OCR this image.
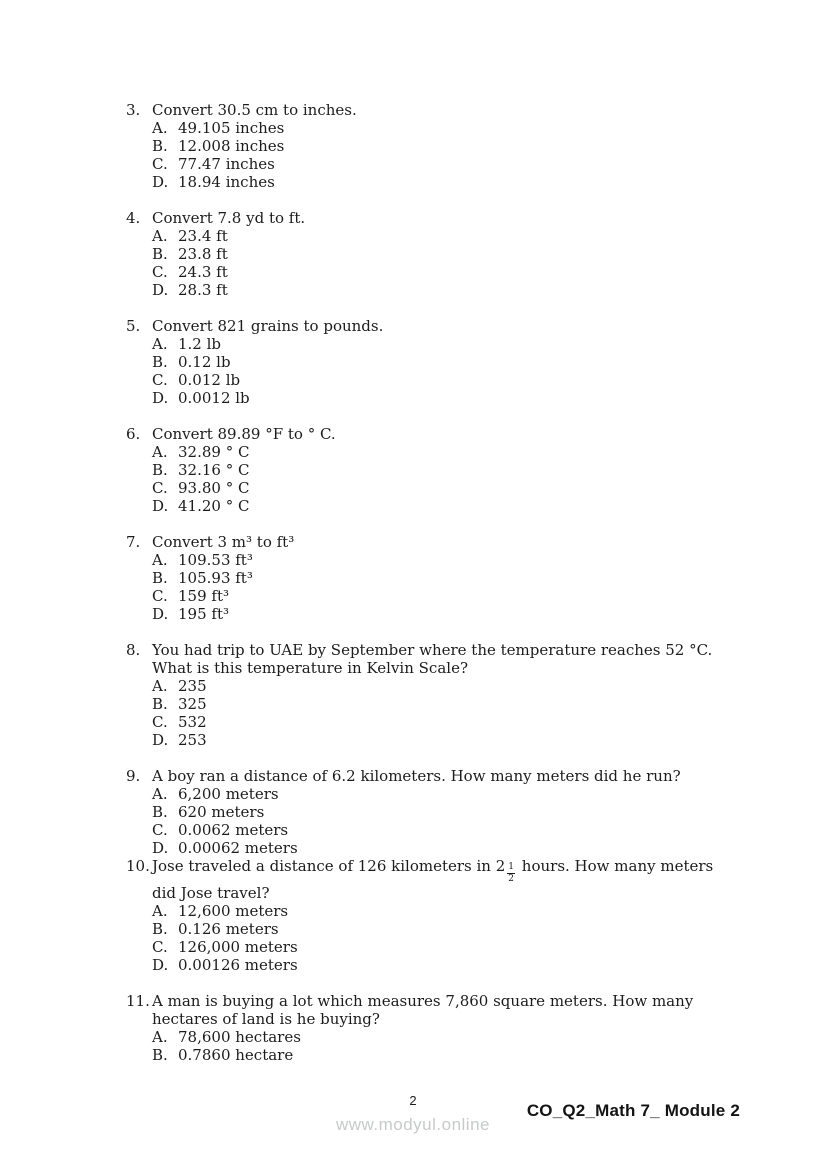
3. Convert 30.5 cm to inches.
A. 49.105 inches
B. 12.008 inches
C. 77.47 inches
D. 18.94 inches
4. Convert 7.8 yd to ft.
A. 23.4 ft
B. 23.8 ft
C. 24.3 ft
D. 28.3 ft
5. Convert 821 grains to pounds.
A. 1.2 lb
B. 0.12 lb
C. 0.012 lb
D. 0.0012 lb
6. Convert 89.89 °F to ° C.
A. 32.89 ° C
B. 32.16 ° C
C. 93.80 ° C
D. 41.20 ° C
7. Convert 3 m³ to ft³
A. 109.53 ft³
B. 105.93 ft³
C. 159 ft³
D. 195 ft³
8. You had trip to UAE by September where the temperature reaches 52 °C.
What is this temperature in Kelvin Scale?
A. 235
B. 325
C. 532
D. 253
9. A boy ran a distance of 6.2 kilometers. How many meters did he run?
A. 6,200 meters
B. 620 meters
C. 0.0062 meters
D. 0.00062 meters
10. Jose traveled a distance of 126 kilometers in $2 \frac{1}{2}$ hours. How many meters
did Jose travel?
A. 12,600 meters
B. 0.126 meters
C. 126,000 meters
D. 0.00126 meters
11. A man is buying a lot which measures 7,860 square meters. How many
hectares of land is he buying?
A. 78,600 hectares
B. 0.7860 hectare
2
CO_Q2_Math 7_ Module 2
www.modyul.online
